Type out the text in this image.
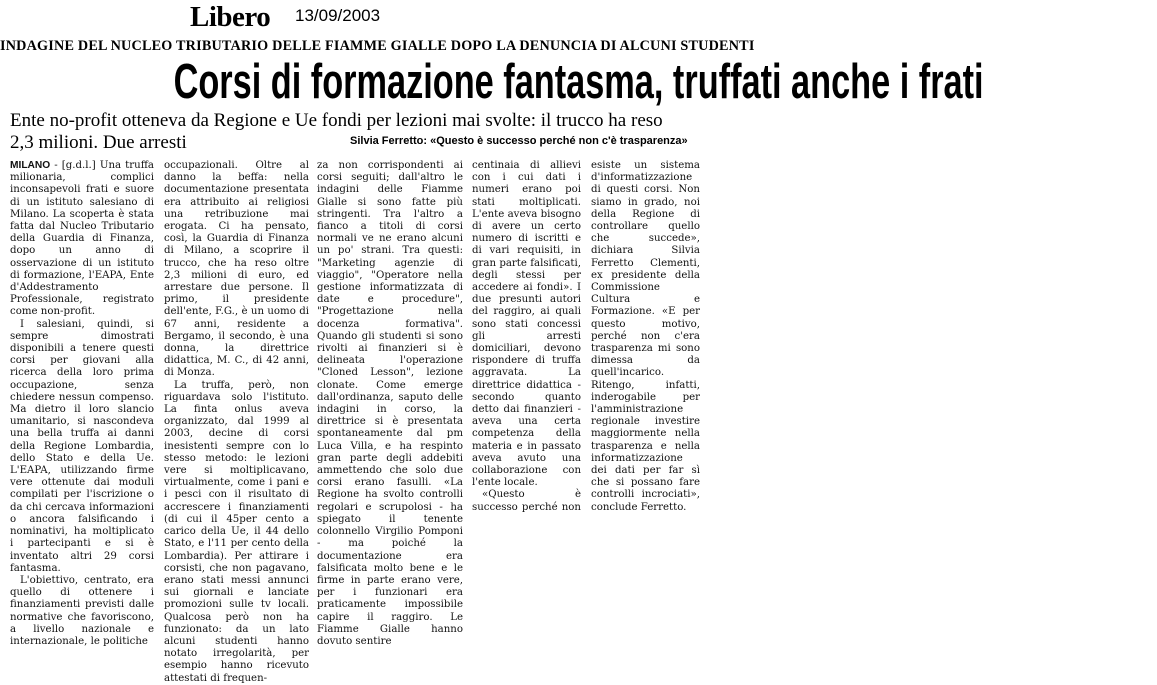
Libero 13/09/2003
INDAGINE DEL NUCLEO TRIBUTARIO DELLE FIAMME GIALLE DOPO LA DENUNCIA DI ALCUNI STUDENTI
Corsi di formazione fantasma, truffati anche i frati
Ente no-profit otteneva da Regione e Ue fondi per lezioni mai svolte: il trucco ha reso 2,3 milioni. Due arresti	Silvia Ferretto: «Questo è successo perché non c'è trasparenza»

MILANO - [g.d.l.] Una truffa milionaria, complici inconsapevoli frati e suore di un istituto salesiano di Milano. La scoperta è stata fatta dal Nucleo Tributario della Guardia di Finanza, dopo un anno di osservazione di un istituto di formazione, l'EAPA, Ente d'Addestramento Professionale, registrato come non-profit.

I salesiani, quindi, si sempre dimostrati disponibili a tenere questi corsi per giovani alla ricerca della loro prima occupazione, senza chiedere nessun compenso. Ma dietro il loro slancio umanitario, si nascondeva una bella truffa ai danni della Regione Lombardia, dello Stato e della Ue. L'EAPA, utilizzando firme vere ottenute dai moduli compilati per l'iscrizione o da chi cercava informazioni o ancora falsificando i nominativi, ha moltiplicato i partecipanti e si è inventato altri 29 corsi fantasma.

L'obiettivo, centrato, era quello di ottenere i finanziamenti previsti dalle normative che favoriscono, a livello nazionale e internazionale, le politiche

occupazionali. Oltre al danno la beffa: nella documentazione presentata era attribuito ai religiosi una retribuzione mai erogata. Ci ha pensato, così, la Guardia di Finanza di Milano, a scoprire il trucco, che ha reso oltre 2,3 milioni di euro, ed arrestare due persone. Il primo, il presidente dell'ente, F.G., è un uomo di 67 anni, residente a Bergamo, il secondo, è una donna, la direttrice didattica, M. C., di 42 anni, di Monza.

La truffa, però, non riguardava solo l'istituto. La finta onlus aveva organizzato, dal 1999 al 2003, decine di corsi inesistenti sempre con lo stesso metodo: le lezioni vere si moltiplicavano, virtualmente, come i pani e i pesci con il risultato di accrescere i finanziamenti (di cui il 45per cento a carico della Ue, il 44 dello Stato, e l'11 per cento della Lombardia). Per attirare i corsisti, che non pagavano, erano stati messi annunci sui giornali e lanciate promozioni sulle tv locali. Qualcosa però non ha funzionato: da un lato alcuni studenti hanno notato irregolarità, per esempio hanno ricevuto attestati di frequen-

za non corrispondenti ai corsi seguiti; dall'altro le indagini delle Fiamme Gialle si sono fatte più stringenti. Tra l'altro a fianco a titoli di corsi normali ve ne erano alcuni un po' strani. Tra questi: "Marketing agenzie di viaggio", "Operatore nella gestione informatizzata di date e procedure", "Progettazione nella docenza formativa". Quando gli studenti si sono rivolti ai finanzieri si è delineata l'operazione "Cloned Lesson", lezione clonate. Come emerge dall'ordinanza, saputo delle indagini in corso, la direttrice si è presentata spontaneamente dal pm Luca Villa, e ha respinto gran parte degli addebiti ammettendo che solo due corsi erano fasulli. «La Regione ha svolto controlli regolari e scrupolosi - ha spiegato il tenente colonnello Virgilio Pomponi - ma poiché la documentazione era falsificata molto bene e le firme in parte erano vere, per i funzionari era praticamente impossibile capire il raggiro. Le Fiamme Gialle hanno dovuto sentire

centinaia di allievi con i cui dati i numeri erano poi stati moltiplicati. L'ente aveva bisogno di avere un certo numero di iscritti e di vari requisiti, in gran parte falsificati, degli stessi per accedere ai fondi». I due presunti autori del raggiro, ai quali sono stati concessi gli arresti domiciliari, devono rispondere di truffa aggravata. La direttrice didattica - secondo quanto detto dai finanzieri - aveva una certa competenza della materia e in passato aveva avuto una collaborazione con l'ente locale.

«Questo è successo perché non esiste un sistema d'informatizzazione di questi corsi. Non siamo in grado, noi della Regione di controllare quello che succede», dichiara Silvia Ferretto Clementi, ex presidente della Commissione Cultura e Formazione. «E per questo motivo, perché non c'era trasparenza mi sono dimessa da quell'incarico. Ritengo, infatti, inderogabile per l'amministrazione regionale investire maggiormente nella trasparenza e nella informatizzazione dei dati per far sì che si possano fare controlli incrociati», conclude Ferretto.
